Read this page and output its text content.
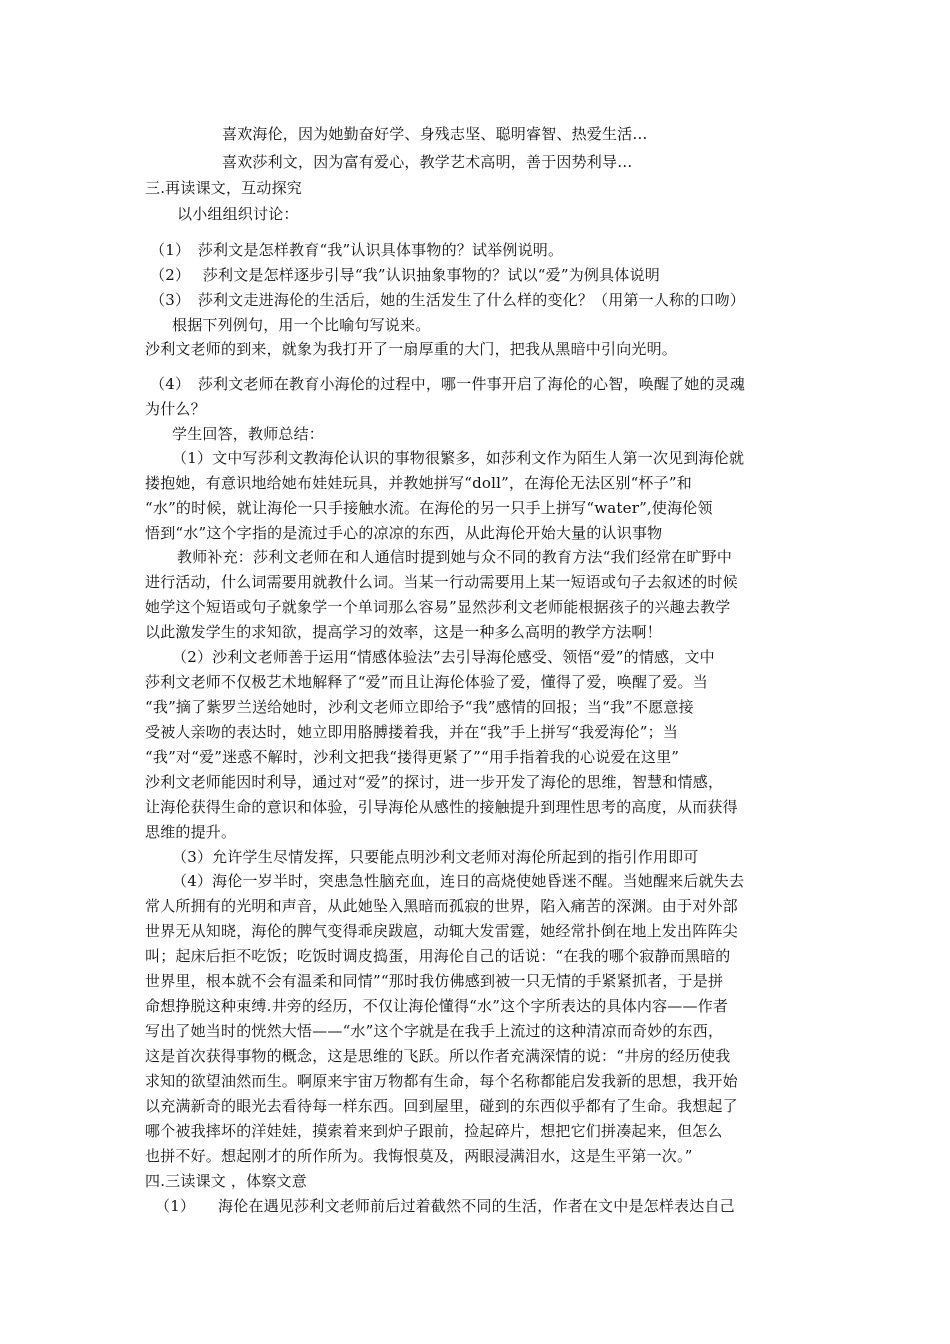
喜欢海伦，因为她勤奋好学、身残志坚、聪明睿智、热爱生活…
喜欢莎利文，因为富有爱心，教学艺术高明，善于因势利导…
三.再读课文，互动探究
以小组组织讨论：
（1）　莎利文是怎样教育“我”认识具体事物的？试举例说明。
（2）　 莎利文是怎样逐步引导“我”认识抽象事物的？试以“爱”为例具体说明
（3）　莎利文走进海伦的生活后，她的生活发生了什么样的变化？（用第一人称的口吻）
根据下列例句，用一个比喻句写说来。
沙利文老师的到来，就象为我打开了一扇厚重的大门，把我从黑暗中引向光明。
（4）　莎利文老师在教育小海伦的过程中，哪一件事开启了海伦的心智，唤醒了她的灵魂
为什么？
学生回答，教师总结：
（1）文中写莎利文教海伦认识的事物很繁多，如莎利文作为陌生人第一次见到海伦就
搂抱她，有意识地给她布娃娃玩具，并教她拼写“doll”，在海伦无法区别“杯子”和
“水”的时候，就让海伦一只手接触水流。在海伦的另一只手上拼写“water”,使海伦领
悟到“水”这个字指的是流过手心的凉凉的东西，从此海伦开始大量的认识事物
教师补充：莎利文老师在和人通信时提到她与众不同的教育方法“我们经常在旷野中
进行活动，什么词需要用就教什么词。当某一行动需要用上某一短语或句子去叙述的时候
她学这个短语或句子就象学一个单词那么容易”显然莎利文老师能根据孩子的兴趣去教学
以此激发学生的求知欲，提高学习的效率，这是一种多么高明的教学方法啊！
（2）沙利文老师善于运用“情感体验法”去引导海伦感受、领悟“爱”的情感，文中
莎利文老师不仅极艺术地解释了“爱”而且让海伦体验了爱，懂得了爱，唤醒了爱。当
“我”摘了紫罗兰送给她时，沙利文老师立即给予“我”感情的回报；当“我”不愿意接
受被人亲吻的表达时，她立即用胳膊搂着我，并在“我”手上拼写“我爱海伦”；当
“我”对“爱”迷惑不解时，沙利文把我“搂得更紧了”“用手指着我的心说爱在这里”
沙利文老师能因时利导，通过对“爱”的探讨，进一步开发了海伦的思维，智慧和情感，
让海伦获得生命的意识和体验，引导海伦从感性的接触提升到理性思考的高度，从而获得
思维的提升。
（3）允许学生尽情发挥，只要能点明沙利文老师对海伦所起到的指引作用即可
（4）海伦一岁半时，突患急性脑充血，连日的高烧使她昏迷不醒。当她醒来后就失去
常人所拥有的光明和声音，从此她坠入黑暗而孤寂的世界，陷入痛苦的深渊。由于对外部
世界无从知晓，海伦的脾气变得乖戾跋扈，动辄大发雷霆，她经常扑倒在地上发出阵阵尖
叫；起床后拒不吃饭；吃饭时调皮捣蛋，用海伦自己的话说：“在我的哪个寂静而黑暗的
世界里，根本就不会有温柔和同情”“那时我仿佛感到被一只无情的手紧紧抓者，于是拼
命想挣脱这种束缚.井旁的经历，不仅让海伦懂得“水”这个字所表达的具体内容——作者
写出了她当时的恍然大悟——“水”这个字就是在我手上流过的这种清凉而奇妙的东西，
这是首次获得事物的概念，这是思维的飞跃。所以作者充满深情的说：“井房的经历使我
求知的欲望油然而生。啊原来宇宙万物都有生命，每个名称都能启发我新的思想，我开始
以充满新奇的眼光去看待每一样东西。回到屋里，碰到的东西似乎都有了生命。我想起了
哪个被我摔坏的洋娃娃，摸索着来到炉子跟前，捡起碎片，想把它们拼凑起来，但怎么
也拼不好。想起刚才的所作所为。我悔恨莫及，两眼浸满泪水，这是生平第一次。”
四.三读课文 ，体察文意
（1）　　海伦在遇见莎利文老师前后过着截然不同的生活，作者在文中是怎样表达自己
